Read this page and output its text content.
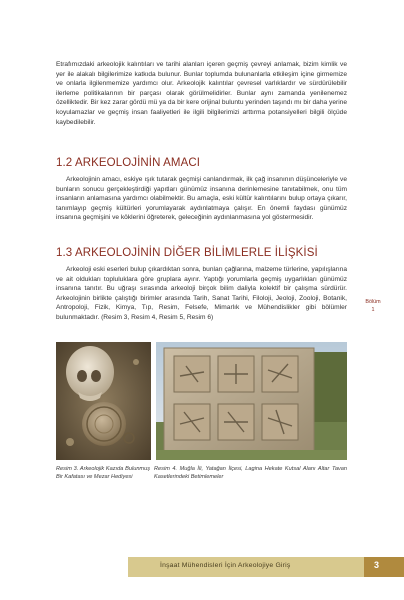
Etrafımızdaki arkeolojik kalıntıları ve tarihi alanları içeren geçmiş çevreyi anlamak, bizim kimlik ve yer ile alakalı bilgilerimize katkıda bulunur. Bunlar toplumda bulunanlarla etkileşim içine girmemize ve onlarla ilgilenmemize yardımcı olur. Arkeolojik kalıntılar çevresel varlıklardır ve sürdürülebilir ilerleme politikalarının bir parçası olarak görülmelidirler. Bunlar aynı zamanda yenilenemez özelliktedir. Bir kez zarar gördü mü ya da bir kere orijinal buluntu yerinden taşındı mı bir daha yerine koyulamazlar ve geçmiş insan faaliyetleri ile ilgili bilgilerimizi arttırma potansiyelleri bilgili ölçüde kaybedilebilir.

1.2 ARKEOLOJİNİN AMACI

Arkeolojinin amacı, eskiye ışık tutarak geçmişi canlandırmak, ilk çağ insanının düşünceleriyle ve bunların sonucu gerçekleştirdiği yapıtları günümüz insanına derinlemesine tanıtabilmek, onu tüm insanların anlamasına yardımcı olabilmektir. Bu amaçla, eski kültür kalıntılarını bulup ortaya çıkarır, tanımlayıp geçmiş kültürleri yorumlayarak aydınlatmaya çalışır. En önemli faydası günümüz insanına geçmişini ve köklerini öğreterek, geleceğinin aydınlanmasına yol göstermesidir.

1.3 ARKEOLOJİNİN DİĞER BİLİMLERLE İLİŞKİSİ

Arkeoloji eski eserleri bulup çıkardıktan sonra, bunları çağlarına, malzeme türlerine, yapılışlarına ve ait oldukları topluluklara göre gruplara ayırır. Yaptığı yorumlarla geçmiş uygarlıkları günümüz insanına tanıtır. Bu uğraşı sırasında arkeoloji birçok bilim daliyla kolektif bir çalışma sürdürür. Arkeolojinin birlikte çalıştığı birimler arasında Tarih, Sanat Tarihi, Filoloji, Jeoloji, Zooloji, Botanik, Antropoloji, Fizik, Kimya, Tıp, Resim, Felsefe, Mimarlık ve Mühendislikler gibi bölümler bulunmaktadır. (Resim 3, Resim 4, Resim 5, Resim 6)

Bölüm
1
Resim 3. Arkeolojik Kazıda Bulunmuş Bir Kafatası ve Mezar Hediyesi
Resim 4. Muğla İli, Yatağan İlçesi, Lagina Hekate Kutsal Alanı Altar Tavan Kasetlerindeki Betimlemeler
İnşaat Mühendisleri İçin Arkeolojiye Giriş	3
